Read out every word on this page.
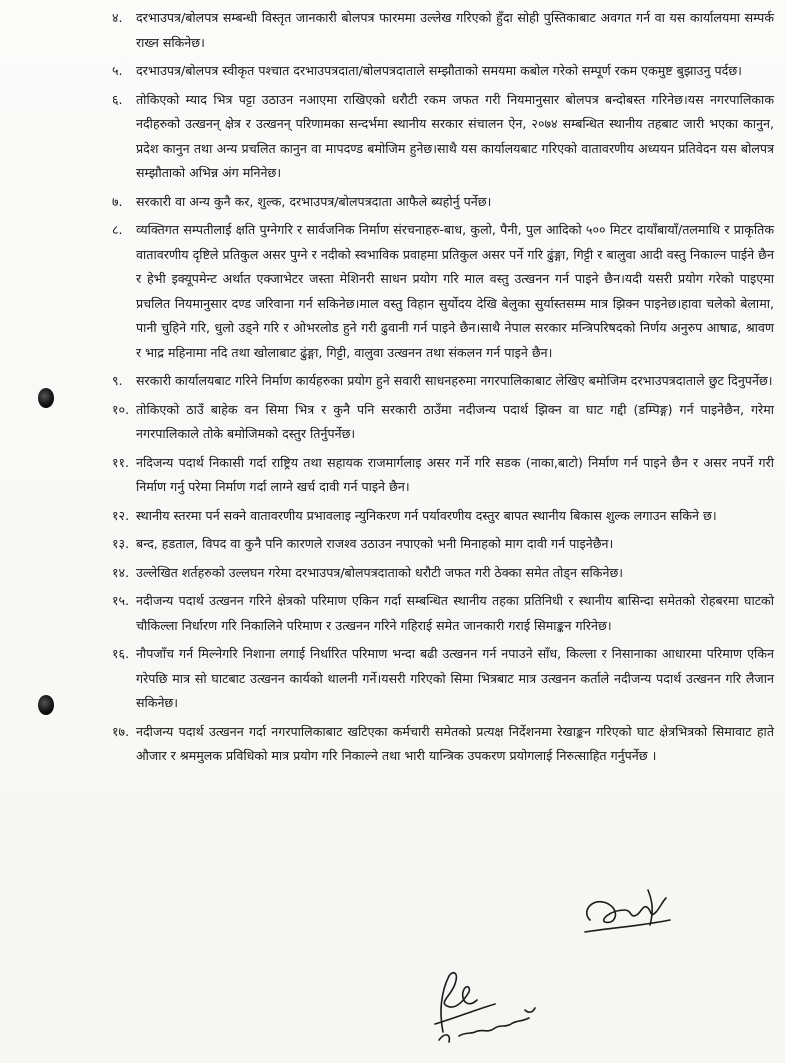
४.	दरभाउपत्र/बोलपत्र सम्बन्धी विस्तृत जानकारी बोलपत्र फारममा उल्लेख गरिएको हुँदा सोही पुस्तिकाबाट अवगत गर्न वा यस कार्यालयमा सम्पर्क राख्न सकिनेछ।
५.	दरभाउपत्र/बोलपत्र स्वीकृत पश्चात दरभाउपत्रदाता/बोलपत्रदाताले सम्झौताको समयमा कबोल गरेको सम्पूर्ण रकम एकमुष्ट बुझाउनु पर्दछ।
६.	तोकिएको म्याद भित्र पट्टा उठाउन नआएमा राखिएको धरौटी रकम जफत गरी नियमानुसार बोलपत्र बन्दोबस्त गरिनेछ।यस नगरपालिकाक नदीहरुको उत्खनन् क्षेत्र र उत्खनन् परिणामका सन्दर्भमा स्थानीय सरकार संचालन ऐन, २०७४ सम्बन्धित स्थानीय तहबाट जारी भएका कानुन, प्रदेश कानुन तथा अन्य प्रचलित कानुन वा मापदण्ड बमोजिम हुनेछ।साथै यस कार्यालयबाट गरिएको वातावरणीय अध्ययन प्रतिवेदन यस बोलपत्र सम्झौताको अभिन्न अंग मनिनेछ।
७.	सरकारी वा अन्य कुनै कर, शुल्क, दरभाउपत्र/बोलपत्रदाता आफैले ब्यहोर्नु पर्नेछ।
८.	व्यक्तिगत सम्पतीलाई क्षति पुग्नेगरि र सार्वजनिक निर्माण संरचनाहरु-बाध, कुलो, पैनी, पुल आदिको ५०० मिटर दायाँबायाँ/तलमाथि र प्राकृतिक वातावरणीय दृष्टिले प्रतिकुल असर पुग्ने र नदीको स्वभाविक प्रवाहमा प्रतिकुल असर पर्ने गरि ढुंङ्गा, गिट्टी र बालुवा आदी वस्तु निकाल्न पाईने छैन र हेभी इक्यूपमेन्ट अर्थात एक्जाभेटर जस्ता मेशिनरी साधन प्रयोग गरि माल वस्तु उत्खनन गर्न पाइने छैन।यदी यसरी प्रयोग गरेको पाइएमा प्रचलित नियमानुसार दण्ड जरिवाना गर्न सकिनेछ।माल वस्तु विहान सुर्योदय देखि बेलुका सुर्यास्तसम्म मात्र झिक्न पाइनेछ।हावा चलेको बेलामा, पानी चुहिने गरि, धुलो उड्ने गरि र ओभरलोड हुने गरी ढुवानी गर्न पाइने छैन।साथै नेपाल सरकार मन्त्रिपरिषदको निर्णय अनुरुप आषाढ, श्रावण र भाद्र महिनामा नदि तथा खोलाबाट ढुंङ्गा, गिट्टी, वालुवा उत्खनन तथा संकलन गर्न पाइने छैन।
९.	सरकारी कार्यालयबाट गरिने निर्माण कार्यहरुका प्रयोग हुने सवारी साधनहरुमा नगरपालिकाबाट लेखिए बमोजिम दरभाउपत्रदाताले छुट दिनुपर्नेछ।
१०. तोकिएको ठाउँ बाहेक वन सिमा भित्र र कुनै पनि सरकारी ठाउँमा नदीजन्य पदार्थ झिक्न वा घाट गद्दी (डम्पिङ्ग) गर्न पाइनेछैन, गरेमा नगरपालिकाले तोके बमोजिमको दस्तुर तिर्नुपर्नेछ।
११. नदिजन्य पदार्थ निकासी गर्दा राष्ट्रिय तथा सहायक राजमार्गलाइ असर गर्ने गरि सडक (नाका,बाटो) निर्माण गर्न पाइने छैन र असर नपर्ने गरी निर्माण गर्नु परेमा निर्माण गर्दा लाग्ने खर्च दावी गर्न पाइने छैन।
१२. स्थानीय स्तरमा पर्न सक्ने वातावरणीय प्रभावलाइ न्युनिकरण गर्न पर्यावरणीय दस्तुर बापत स्थानीय बिकास शुल्क लगाउन सकिने छ।
१३. बन्द, हडताल, विपद वा कुनै पनि कारणले राजश्व उठाउन नपाएको भनी मिनाहको माग दावी गर्न पाइनेछैन।
१४. उल्लेखित शर्तहरुको उल्लघन गरेमा दरभाउपत्र/बोलपत्रदाताको धरौटी जफत गरी ठेक्का समेत तोड्न सकिनेछ।
१५. नदीजन्य पदार्थ उत्खनन गरिने क्षेत्रको परिमाण एकिन गर्दा सम्बन्धित स्थानीय तहका प्रतिनिधी र स्थानीय बासिन्दा समेतको रोहबरमा घाटको चौकिल्ला निर्धारण गरि निकालिने परिमाण र उत्खनन गरिने गहिराई समेत जानकारी गराई सिमाङ्कन गरिनेछ।
१६. नौपजाँच गर्न मिल्नेगरि निशाना लगाई निर्धारित परिमाण भन्दा बढी उत्खनन गर्न नपाउने साँध, किल्ला र निसानाका आधारमा परिमाण एकिन गरेपछि मात्र सो घाटबाट उत्खनन कार्यको थालनी गर्ने।यसरी गरिएको सिमा भित्रबाट मात्र उत्खनन कर्ताले नदीजन्य पदार्थ उत्खनन गरि लैजान सकिनेछ।
१७. नदीजन्य पदार्थ उत्खनन गर्दा नगरपालिकाबाट खटिएका कर्मचारी समेतको प्रत्यक्ष निर्देशनमा रेखाङ्कन गरिएको घाट क्षेत्रभित्रको सिमावाट हाते औजार र श्रममुलक प्रविधिको मात्र प्रयोग गरि निकाल्ने तथा भारी यान्त्रिक उपकरण प्रयोगलाई निरुत्साहित गर्नुपर्नेछ ।
